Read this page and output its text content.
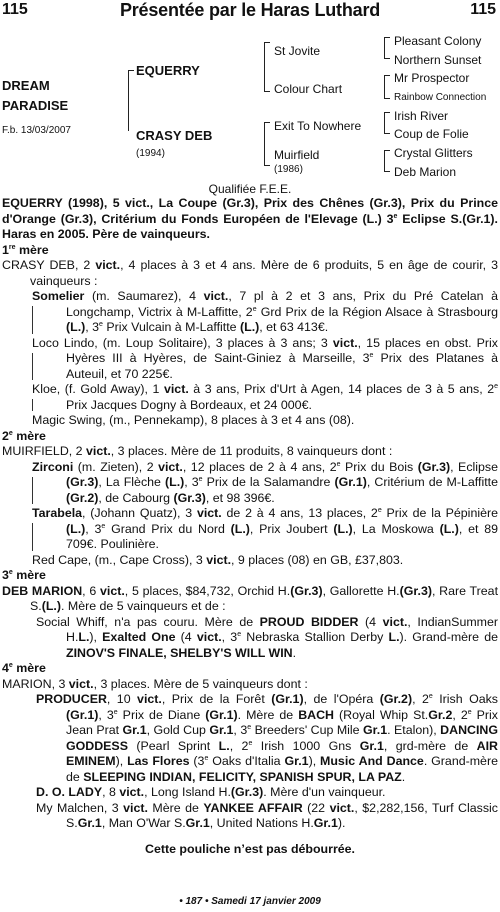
115	Présentée par le Haras Luthard	115
DREAM
PARADISE
F.b. 13/03/2007
EQUERRY
CRASY DEB
(1994)
St Jovite
Colour Chart
Exit To Nowhere
Muirfield
(1986)
Pleasant Colony
Northern Sunset
Mr Prospector
Rainbow Connection
Irish River
Coup de Folie
Crystal Glitters
Deb Marion
Qualifiée F.E.E.

EQUERRY (1998), 5 vict., La Coupe (Gr.3), Prix des Chênes (Gr.3), Prix du Prince d'Orange (Gr.3), Critérium du Fonds Européen de l'Elevage (L.) 3e Eclipse S.(Gr.1). Haras en 2005. Père de vainqueurs.

1re mère

CRASY DEB, 2 vict., 4 places à 3 et 4 ans. Mère de 6 produits, 5 en âge de courir, 3 vainqueurs :

Somelier (m. Saumarez), 4 vict., 7 pl à 2 et 3 ans, Prix du Pré Catelan à Longchamp, Victrix à M-Laffitte, 2e Grd Prix de la Région Alsace à Strasbourg (L.), 3e Prix Vulcain à M-Laffitte (L.), et 63 413€.

Loco Lindo, (m. Loup Solitaire), 3 places à 3 ans; 3 vict., 15 places en obst. Prix Hyères III à Hyères, de Saint-Giniez à Marseille, 3e Prix des Platanes à Auteuil, et 70 225€.

Kloe, (f. Gold Away), 1 vict. à 3 ans, Prix d'Urt à Agen, 14 places de 3 à 5 ans, 2e Prix Jacques Dogny à Bordeaux, et 24 000€.

Magic Swing, (m., Pennekamp), 8 places à 3 et 4 ans (08).

2e mère

MUIRFIELD, 2 vict., 3 places. Mère de 11 produits, 8 vainqueurs dont :

Zirconi (m. Zieten), 2 vict., 12 places de 2 à 4 ans, 2e Prix du Bois (Gr.3), Eclipse (Gr.3), La Flèche (L.), 3e Prix de la Salamandre (Gr.1), Critérium de M-Laffitte (Gr.2), de Cabourg (Gr.3), et 98 396€.

Tarabela, (Johann Quatz), 3 vict. de 2 à 4 ans, 13 places, 2e Prix de la Pépinière (L.), 3e Grand Prix du Nord (L.), Prix Joubert (L.), La Moskowa (L.), et 89 709€. Poulinière.

Red Cape, (m., Cape Cross), 3 vict., 9 places (08) en GB, £37,803.

3e mère

DEB MARION, 6 vict., 5 places, $84,732, Orchid H.(Gr.3), Gallorette H.(Gr.3), Rare Treat S.(L.). Mère de 5 vainqueurs et de :

Social Whiff, n'a pas couru. Mère de PROUD BIDDER (4 vict., IndianSummer H.L.), Exalted One (4 vict., 3e Nebraska Stallion Derby L.). Grand-mère de ZINOV'S FINALE, SHELBY'S WILL WIN.

4e mère

MARION, 3 vict., 3 places. Mère de 5 vainqueurs dont :

PRODUCER, 10 vict., Prix de la Forêt (Gr.1), de l'Opéra (Gr.2), 2e Irish Oaks (Gr.1), 3e Prix de Diane (Gr.1). Mère de BACH (Royal Whip St.Gr.2, 2e Prix Jean Prat Gr.1, Gold Cup Gr.1, 3e Breeders' Cup Mile Gr.1. Etalon), DANCING GODDESS (Pearl Sprint L., 2e Irish 1000 Gns Gr.1, grd-mère de AIR EMINEM), Las Flores (3e Oaks d'Italia Gr.1), Music And Dance. Grand-mère de SLEEPING INDIAN, FELICITY, SPANISH SPUR, LA PAZ.

D. O. LADY, 8 vict., Long Island H.(Gr.3). Mère d'un vainqueur.

My Malchen, 3 vict. Mère de YANKEE AFFAIR (22 vict., $2,282,156, Turf Classic S.Gr.1, Man O'War S.Gr.1, United Nations H.Gr.1).

Cette pouliche n’est pas débourrée.

• 187 • Samedi 17 janvier 2009
